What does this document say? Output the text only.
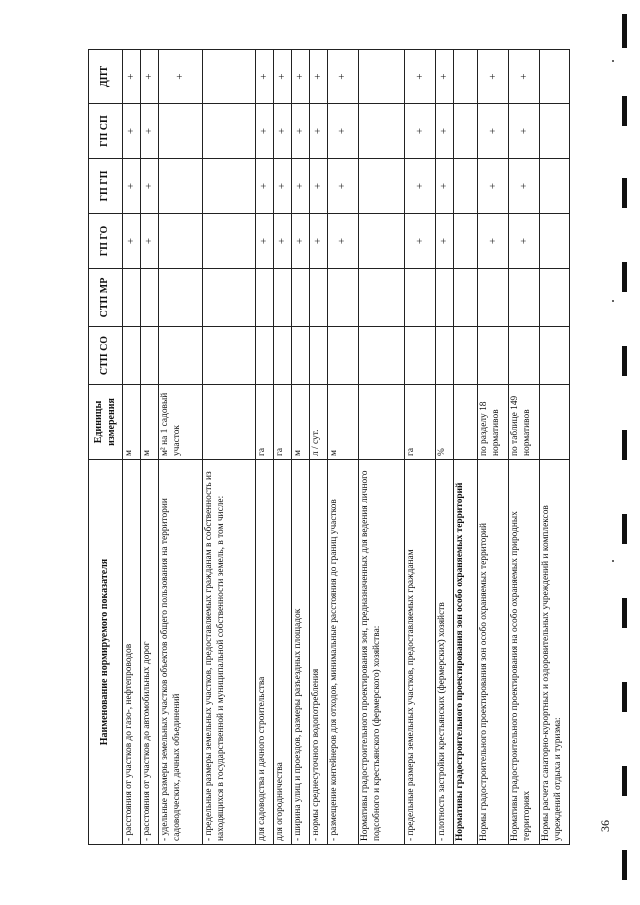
Наименование нормируемого показателя	Единицы измерения	СТП СО	СТП МР	ГП ГО	ГП ГП	ГП СП	ДПТ
- расстояния от участков до газо-, нефтепроводов	м			+	+	+	+
- расстояния от участков до автомобильных дорог	м			+	+	+	+
- удельные размеры земельных участков объектов общего пользования на территории садоводческих, дачных объединений	м² на 1 садовый участок						+
- предельные размеры земельных участков, предоставляемых гражданам в собственность из находящихся в государственной и муниципальной собственности земель, в том числе:							
для садоводства и дачного строительства	га			+	+	+	+
для огородничества	га			+	+	+	+
- ширина улиц и проездов, размеры разъездных площадок	м			+	+	+	+
- нормы среднесуточного водопотребления	л / сут.			+	+	+	+
- размещение контейнеров для отходов, минимальные расстояния до границ участков	м			+	+	+	+
Нормативы градостроительного проектирования зон, предназначенных для ведения личного подсобного и крестьянского (фермерского) хозяйства:							
- предельные размеры земельных участков, предоставляемых гражданам	га			+	+	+	+
- плотность застройки крестьянских (фермерских) хозяйств	%			+	+	+	+
Нормативы градостроительного проектирования зон особо охраняемых территорий							
Нормы градостроительного проектирования зон особо охраняемых территорий	по разделу 18 нормативов			+	+	+	+
Нормативы градостроительного проектирования на особо охраняемых природных территориях	по таблице 149 нормативов			+	+	+	+
Нормы расчета санаторно-курортных и оздоровительных учреждений и комплексов учреждений отдыха и туризма:								36
